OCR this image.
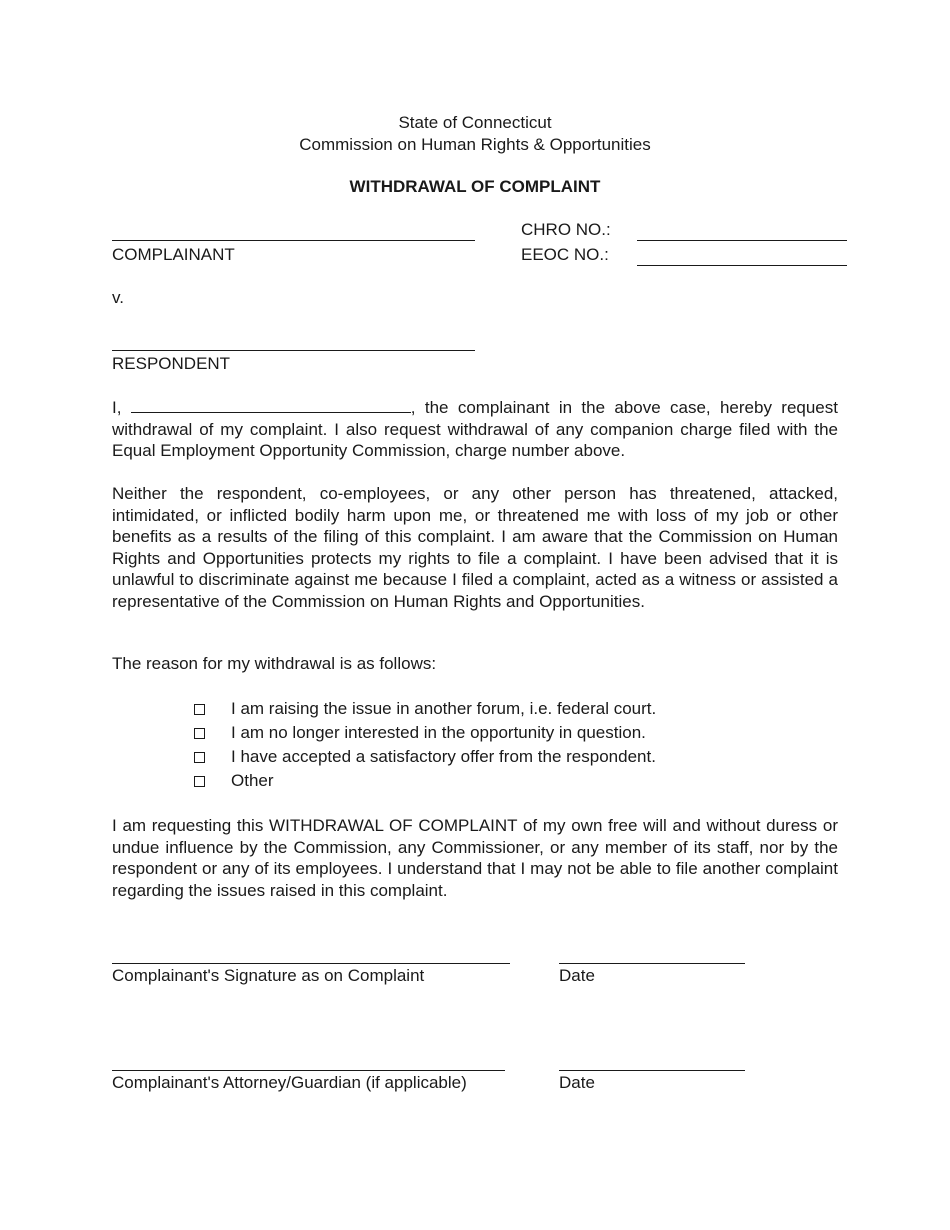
State of Connecticut
Commission on Human Rights & Opportunities
WITHDRAWAL OF COMPLAINT
COMPLAINANT
CHRO NO.:
EEOC NO.:
v.
RESPONDENT
I,	, the complainant in the above case, hereby request withdrawal of my complaint. I also request withdrawal of any companion charge filed with the Equal Employment Opportunity Commission, charge number above.
Neither the respondent, co-employees, or any other person has threatened, attacked, intimidated, or inflicted bodily harm upon me, or threatened me with loss of my job or other benefits as a results of the filing of this complaint. I am aware that the Commission on Human Rights and Opportunities protects my rights to file a complaint. I have been advised that it is unlawful to discriminate against me because I filed a complaint, acted as a witness or assisted a representative of the Commission on Human Rights and Opportunities.
The reason for my withdrawal is as follows:
I am raising the issue in another forum, i.e. federal court.
I am no longer interested in the opportunity in question.
I have accepted a satisfactory offer from the respondent.
Other
I am requesting this WITHDRAWAL OF COMPLAINT of my own free will and without duress or undue influence by the Commission, any Commissioner, or any member of its staff, nor by the respondent or any of its employees. I understand that I may not be able to file another complaint regarding the issues raised in this complaint.
Complainant's Signature as on Complaint	Date
Complainant's Attorney/Guardian (if applicable)	Date
